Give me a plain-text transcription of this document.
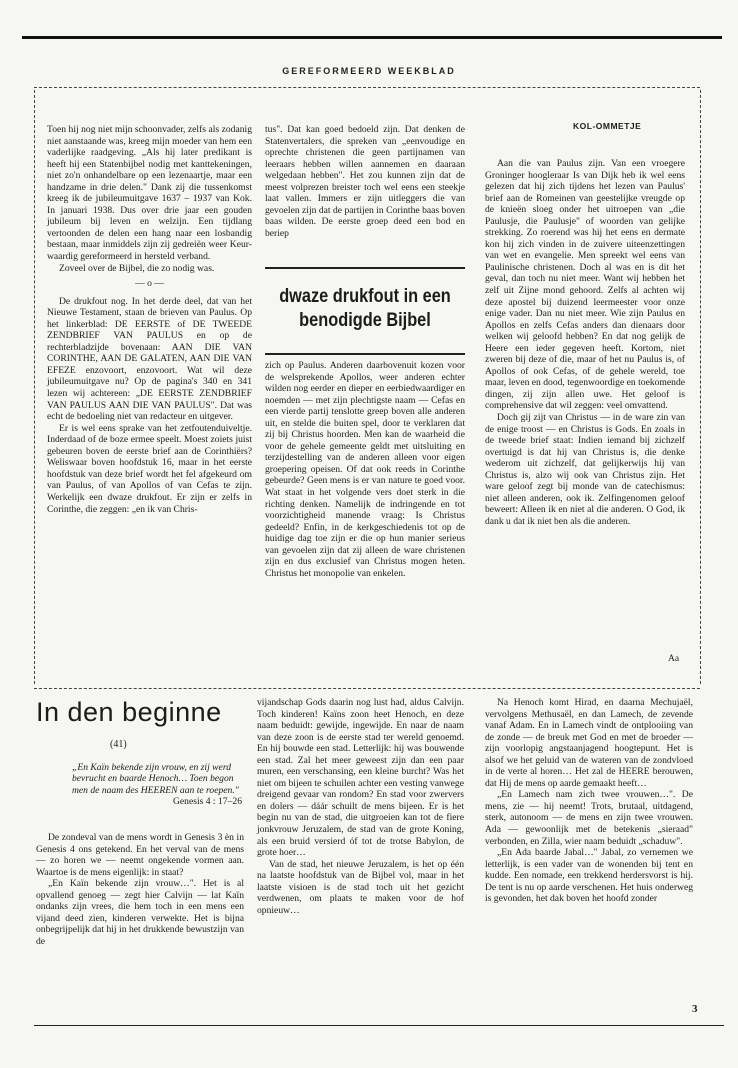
GEREFORMEERD WEEKBLAD
KOL-OMMETJE

Toen hij nog niet mijn schoonvader, zelfs als zodanig niet aanstaande was, kreeg mijn moeder van hem een vaderlijke raadgeving. „Als hij later predikant is heeft hij een Statenbijbel nodig met kanttekeningen, niet zo'n onhandelbare op een lezenaartje, maar een handzame in drie delen." Dank zij die tussenkomst kreeg ik de jubileumuitgave 1637 – 1937 van Kok. In januari 1938. Dus over drie jaar een gouden jubileum bij leven en welzijn. Een tijdlang vertoonden de delen een hang naar een losbandig bestaan, maar inmiddels zijn zij gedreiën weer Keur-waardig gereformeerd in hersteld verband.

Zoveel over de Bijbel, die zo nodig was.

— o —

De drukfout nog. In het derde deel, dat van het Nieuwe Testament, staan de brieven van Paulus. Op het linkerblad: DE EERSTE of DE TWEEDE ZENDBRIEF VAN PAULUS en op de rechterbladzijde bovenaan: AAN DIE VAN CORINTHE, AAN DE GALATEN, AAN DIE VAN EFEZE enzovoort, enzovoort. Wat wil deze jubileumuitgave nu? Op de pagina's 340 en 341 lezen wij achtereen: „DE EERSTE ZENDBRIEF VAN PAULUS AAN DIE VAN PAULUS". Dat was echt de bedoeling niet van redacteur en uitgever.

Er is wel eens sprake van het zetfoutenduiveltje. Inderdaad of de boze ermee speelt. Moest zoiets juist gebeuren boven de eerste brief aan de Corinthiërs? Weliswaar boven hoofdstuk 16, maar in het eerste hoofdstuk van deze brief wordt het fel afgekeurd om van Paulus, of van Apollos of van Cefas te zijn. Werkelijk een dwaze drukfout. Er zijn er zelfs in Corinthe, die zeggen: „en ik van Chris-

tus". Dat kan goed bedoeld zijn. Dat denken de Statenvertalers, die spreken van „eenvoudige en oprechte christenen die geen partijnamen van leeraars hebben willen aannemen en daaraan welgedaan hebben". Het zou kunnen zijn dat de meest volprezen breister toch wel eens een steekje laat vallen. Immers er zijn uitleggers die van gevoelen zijn dat de partijen in Corinthe baas boven baas wilden. De eerste groep deed een bod en beriep

dwaze drukfout in een
benodigde Bijbel

zich op Paulus. Anderen daarbovenuit kozen voor de welsprekende Apollos, weer anderen echter wilden nog eerder en dieper en eerbiedwaardiger en noemden — met zijn plechtigste naam — Cefas en een vierde partij tenslotte greep boven alle anderen uit, en stelde die buiten spel, door te verklaren dat zij bij Christus hoorden. Men kan de waarheid die voor de gehele gemeente geldt met uitsluiting en terzijdestelling van de anderen alleen voor eigen groepering opeisen. Of dat ook reeds in Corinthe gebeurde? Geen mens is er van nature te goed voor. Wat staat in het volgende vers doet sterk in die richting denken. Namelijk de indringende en tot voorzichtigheid manende vraag: Is Christus gedeeld? Enfin, in de kerkgeschiedenis tot op de huidige dag toe zijn er die op hun manier serieus van gevoelen zijn dat zij alleen de ware christenen zijn en dus exclusief van Christus mogen heten. Christus het monopolie van enkelen.

Aan die van Paulus zijn. Van een vroegere Groninger hoogleraar Is van Dijk heb ik wel eens gelezen dat hij zich tijdens het lezen van Paulus' brief aan de Romeinen van geestelijke vreugde op de knieën sloeg onder het uitroepen van „die Paulusje, die Paulusje" of woorden van gelijke strekking. Zo roerend was hij het eens en dermate kon hij zich vinden in de zuivere uiteenzettingen van wet en evangelie. Men spreekt wel eens van Paulinische christenen. Doch al was en is dit het geval, dan toch nu niet meer. Want wij hebben het zelf uit Zijne mond gehoord. Zelfs al achten wij deze apostel bij duizend leermeester voor onze enige vader. Dan nu niet meer. Wie zijn Paulus en Apollos en zelfs Cefas anders dan dienaars door welken wij geloofd hebben? En dat nog gelijk de Heere een ieder gegeven heeft. Kortom, niet zweren bij deze of die, maar of het nu Paulus is, of Apollos of ook Cefas, of de gehele wereld, toe maar, leven en dood, tegenwoordige en toekomende dingen, zij zijn allen uwe. Het geloof is comprehensive dat wil zeggen: veel omvattend.

Doch gij zijt van Christus — in de ware zin van de enige troost — en Christus is Gods. En zoals in de tweede brief staat: Indien iemand bij zichzelf overtuigd is dat hij van Christus is, die denke wederom uit zichzelf, dat gelijkerwijs hij van Christus is, alzo wij ook van Christus zijn. Het ware geloof zegt bij monde van de catechismus: niet alleen anderen, ook ik. Zelfingenomen geloof beweert: Alleen ik en niet al die anderen. O God, ik dank u dat ik niet ben als die anderen.

Aa
In den beginne
(41)
„En Kaïn bekende zijn vrouw, en zij werd bevrucht en baarde Henoch… Toen begon men de naam des HEEREN aan te roepen."
Genesis 4 : 17–26

De zondeval van de mens wordt in Genesis 3 èn in Genesis 4 ons getekend. En het verval van de mens — zo horen we — neemt ongekende vormen aan. Waartoe is de mens eigenlijk: in staat?

„En Kaïn bekende zijn vrouw…". Het is al opvallend genoeg — zegt hier Calvijn — lat Kaïn ondanks zijn vrees, die hem toch in een mens een vijand deed zien, kinderen verwekte. Het is bijna onbegrijpelijk dat hij in het drukkende bewustzijn van de

vijandschap Gods daarin nog lust had, aldus Calvijn. Toch kinderen! Kaïns zoon heet Henoch, en deze naam beduidt: gewijde, ingewijde. En naar de naam van deze zoon is de eerste stad ter wereld genoemd. En hij bouwde een stad. Letterlijk: hij was bouwende een stad. Zal het meer geweest zijn dan een paar muren, een verschansing, een kleine burcht? Was het niet om bijeen te schuilen achter een vesting vanwege dreigend gevaar van rondom? En stad voor zwervers en dolers — dáár schuilt de mens bijeen. Er is het begin nu van de stad, die uitgroeien kan tot de fiere jonkvrouw Jeruzalem, de stad van de grote Koning, als een bruid versierd óf tot de trotse Babylon, de grote hoer…

Van de stad, het nieuwe Jeruzalem, is het op één na laatste hoofdstuk van de Bijbel vol, maar in het laatste visioen is de stad toch uit het gezicht verdwenen, om plaats te maken voor de hof opnieuw…

Na Henoch komt Hirad, en daarna Mechujaël, vervolgens Methusaël, en dan Lamech, de zevende vanaf Adam. En in Lamech vindt de ontplooiing van de zonde — de breuk met God en met de broeder — zijn voorlopig angstaanjagend hoogtepunt. Het is alsof we het geluid van de wateren van de zondvloed in de verte al horen… Het zal de HEERE berouwen, dat Hij de mens op aarde gemaakt heeft…

„En Lamech nam zich twee vrouwen…". De mens, zie — hij neemt! Trots, brutaal, uitdagend, sterk, autonoom — de mens en zijn twee vrouwen. Ada — gewoonlijk met de betekenis „sieraad" verbonden, en Zilla, wier naam beduidt „schaduw".

„En Ada baarde Jabal…" Jabal, zo vernemen we letterlijk, is een vader van de wonenden bij tent en kudde. Een nomade, een trekkend herdersvorst is hij. De tent is nu op aarde verschenen. Het huis onderweg is gevonden, het dak boven het hoofd zonder

3
